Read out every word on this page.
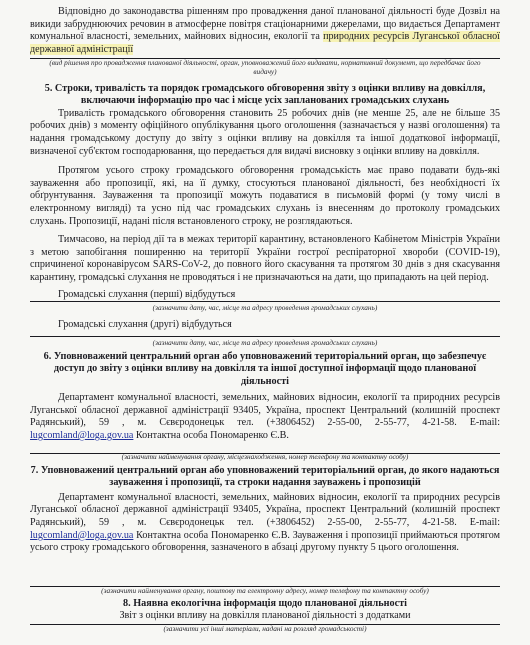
Відповідно до законодавства рішенням про провадження даної планованої діяльності буде Дозвіл на викиди забруднюючих речовин в атмосферне повітря стаціонарними джерелами, що видається Департамент комунальної власності, земельних, майнових відносин, екології та природних ресурсів Луганської обласної державної адміністрації

(вид рішення про провадження планованої діяльності, орган, уповноважений його видавати, нормативний документ, що передбачає його видачу)

5. Строки, тривалість та порядок громадського обговорення звіту з оцінки впливу на довкілля, включаючи інформацію про час і місце усіх запланованих громадських слухань

Тривалість громадського обговорення становить 25 робочих днів (не менше 25, але не більше 35 робочих днів) з моменту офіційного опублікування цього оголошення (зазначається у назві оголошення) та надання громадському доступу до звіту з оцінки впливу на довкілля та іншої додаткової інформації, визначеної суб'єктом господарювання, що передається для видачі висновку з оцінки впливу на довкілля.

Протягом усього строку громадського обговорення громадськість має право подавати будь-які зауваження або пропозиції, які, на її думку, стосуються планованої діяльності, без необхідності їх обґрунтування. Зауваження та пропозиції можуть подаватися в письмовій формі (у тому числі в електронному вигляді) та усно під час громадських слухань із внесенням до протоколу громадських слухань. Пропозиції, надані після встановленого строку, не розглядаються.

Тимчасово, на період дії та в межах території карантину, встановленого Кабінетом Міністрів України з метою запобігання поширенню на території України гострої респіраторної хвороби (COVID-19), спричиненої коронавірусом SARS-CoV-2, до повного його скасування та протягом 30 днів з дня скасування карантину, громадські слухання не проводяться і не призначаються на дати, що припадають на цей період.

Громадські слухання (перші) відбудуться

(зазначити дату, час, місце та адресу проведення громадських слухань)

Громадські слухання (другі) відбудуться

(зазначити дату, час, місце та адресу проведення громадських слухань)

6. Уповноважений центральний орган або уповноважений територіальний орган, що забезпечує доступ до звіту з оцінки впливу на довкілля та іншої доступної інформації щодо планованої діяльності

Департамент комунальної власності, земельних, майнових відносин, екології та природних ресурсів Луганської обласної державної адміністрації 93405, Україна, проспект Центральний (колишній проспект Радянський), 59 , м. Сєвєродонецьк тел. (+3806452) 2-55-00, 2-55-77, 4-21-58. E-mail: lugcomland@loga.gov.ua Контактна особа Пономаренко Є.В.

(зазначити найменування органу, місцезнаходження, номер телефону та контактну особу)

7. Уповноважений центральний орган або уповноважений територіальний орган, до якого надаються зауваження і пропозиції, та строки надання зауважень і пропозицій

Департамент комунальної власності, земельних, майнових відносин, екології та природних ресурсів Луганської обласної державної адміністрації 93405, Україна, проспект Центральний (колишній проспект Радянський), 59 , м. Сєвєродонецьк тел. (+3806452) 2-55-00, 2-55-77, 4-21-58. E-mail: lugcomland@loga.gov.ua Контактна особа Пономаренко Є.В. Зауваження і пропозиції приймаються протягом усього строку громадського обговорення, зазначеного в абзаці другому пункту 5 цього оголошення.

(зазначити найменування органу, поштову та електронну адресу, номер телефону та контактну особу)

8. Наявна екологічна інформація щодо планованої діяльності

Звіт з оцінки впливу на довкілля планованої діяльності з додатками

(зазначити усі інші матеріали, надані на розгляд громадськості)
